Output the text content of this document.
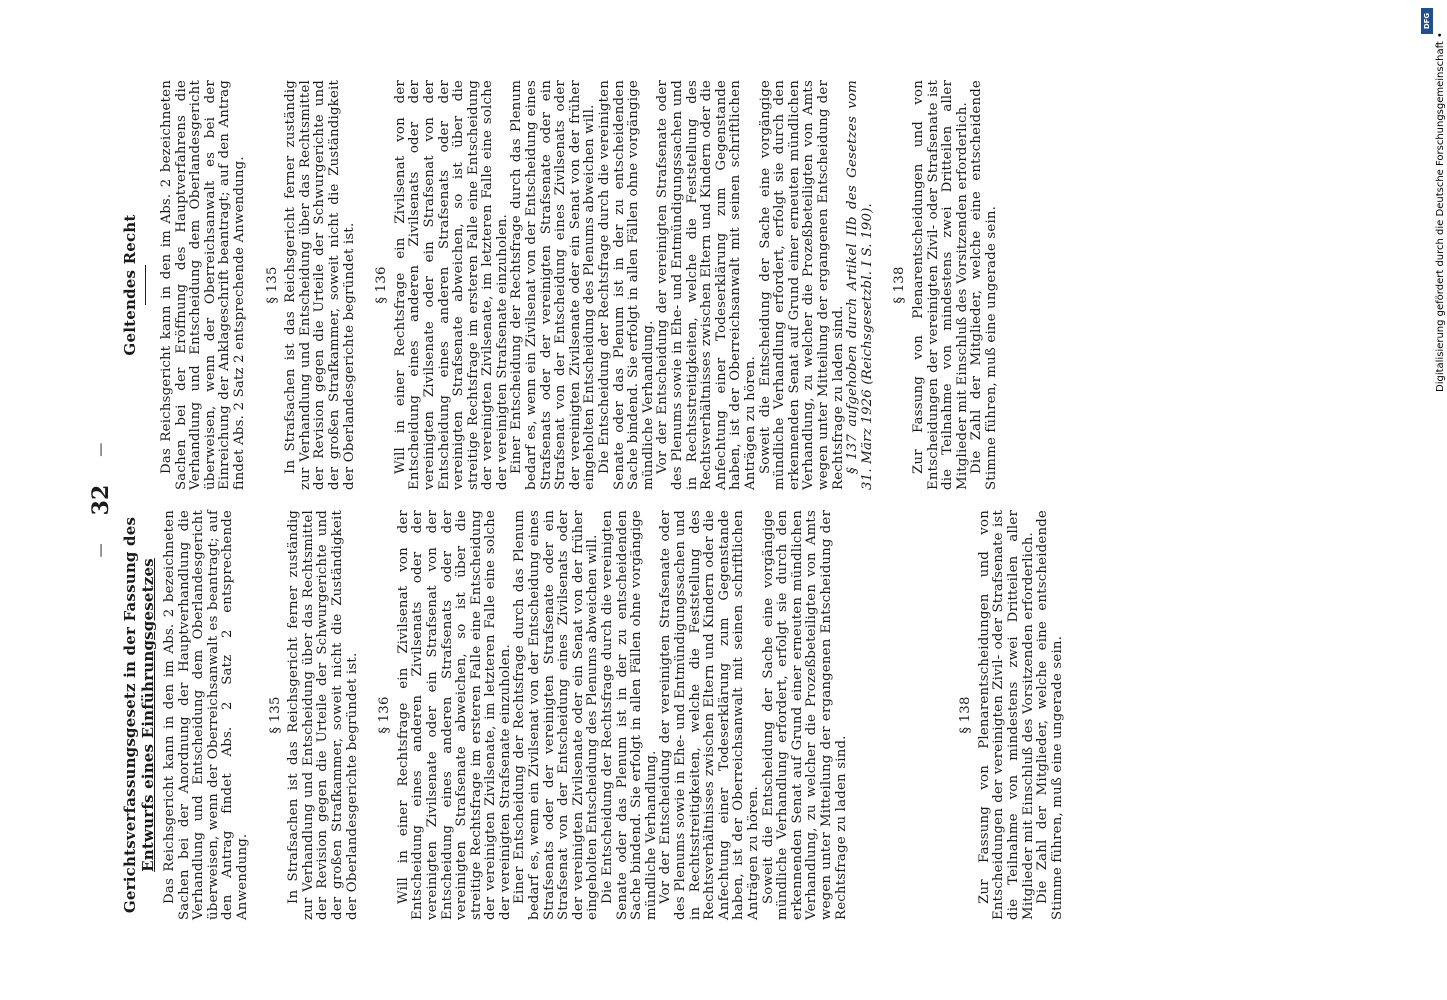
—
32
—
Gerichtsverfassungsgesetz in der Fassung des Entwurfs eines Einführungsgesetzes Das Reichsgericht kann in den im Abs. 2 bezeichneten Sachen bei der Anordnung der Hauptverhandlung die Verhandlung und Entscheidung dem Oberlandesgericht überweisen, wenn der Oberreichsanwalt es beantragt; auf den Antrag findet Abs. 2 Satz 2 entsprechende Anwendung.

§ 135 In Strafsachen ist das Reichsgericht ferner zuständig zur Verhandlung und Entscheidung über das Rechtsmittel der Revision gegen die Urteile der Schwurgerichte und der großen Strafkammer, soweit nicht die Zuständigkeit der Oberlandesgerichte begründet ist. § 136 Will in einer Rechtsfrage ein Zivilsenat von der Entscheidung eines anderen Zivilsenats oder der vereinigten Zivilsenate oder ein Strafsenat von der Entscheidung eines anderen Strafsenats oder der vereinigten Strafsenate abweichen, so ist über die streitige Rechtsfrage im ersteren Falle eine Entscheidung der vereinigten Zivilsenate, im letzteren Falle eine solche der vereinigten Strafsenate einzuholen. Einer Entscheidung der Rechtsfrage durch das Plenum bedarf es, wenn ein Zivilsenat von der Entscheidung eines Strafsenats oder der vereinigten Strafsenate oder ein Strafsenat von der Entscheidung eines Zivilsenats oder der vereinigten Zivilsenate oder ein Senat von der früher eingeholten Entscheidung des Plenums abweichen will. Die Entscheidung der Rechtsfrage durch die vereinigten Senate oder das Plenum ist in der zu entscheidenden Sache bindend. Sie erfolgt in allen Fällen ohne vorgängige mündliche Verhandlung. Vor der Entscheidung der vereinigten Strafsenate oder des Plenums sowie in Ehe- und Entmündigungssachen und in Rechtsstreitigkeiten, welche die Feststellung des Rechtsverhältnisses zwischen Eltern und Kindern oder die Anfechtung einer Todeserklärung zum Gegenstande haben, ist der Oberreichsanwalt mit seinen schriftlichen Anträgen zu hören. Soweit die Entscheidung der Sache eine vorgängige mündliche Verhandlung erfordert, erfolgt sie durch den erkennenden Senat auf Grund einer erneuten mündlichen Verhandlung, zu welcher die Prozeßbeteiligten von Amts wegen unter Mitteilung der ergangenen Entscheidung der Rechtsfrage zu laden sind.

§ 138 Zur Fassung von Plenarentscheidungen und von Entscheidungen der vereinigten Zivil- oder Strafsenate ist die Teilnahme von mindestens zwei Dritteilen aller Mitglieder mit Einschluß des Vorsitzenden erforderlich. Die Zahl der Mitglieder, welche eine entscheidende Stimme führen, muß eine ungerade sein.

Geltendes Recht Das Reichsgericht kann in den im Abs. 2 bezeichneten Sachen bei der Eröffnung des Hauptverfahrens die Verhandlung und Entscheidung dem Oberlandesgericht überweisen, wenn der Oberreichsanwalt es bei der Einreichung der Anklageschrift beantragt; auf den Antrag findet Abs. 2 Satz 2 entsprechende Anwendung. § 135 In Strafsachen ist das Reichsgericht ferner zuständig zur Verhandlung und Entscheidung über das Rechtsmittel der Revision gegen die Urteile der Schwurgerichte und der großen Strafkammer, soweit nicht die Zuständigkeit der Oberlandesgerichte begründet ist. § 136 Will in einer Rechtsfrage ein Zivilsenat von der Entscheidung eines anderen Zivilsenats oder der vereinigten Zivilsenate oder ein Strafsenat von der Entscheidung eines anderen Strafsenats oder der vereinigten Strafsenate abweichen, so ist über die streitige Rechtsfrage im ersteren Falle eine Entscheidung der vereinigten Zivilsenate, im letzteren Falle eine solche der vereinigten Strafsenate einzuholen. Einer Entscheidung der Rechtsfrage durch das Plenum bedarf es, wenn ein Zivilsenat von der Entscheidung eines Strafsenats oder der vereinigten Strafsenate oder ein Strafsenat von der Entscheidung eines Zivilsenats oder der vereinigten Zivilsenate oder ein Senat von der früher eingeholten Entscheidung des Plenums abweichen will. Die Entscheidung der Rechtsfrage durch die vereinigten Senate oder das Plenum ist in der zu entscheidenden Sache bindend. Sie erfolgt in allen Fällen ohne vorgängige mündliche Verhandlung. Vor der Entscheidung der vereinigten Strafsenate oder des Plenums sowie in Ehe- und Entmündigungssachen und in Rechtsstreitigkeiten, welche die Feststellung des Rechtsverhältnisses zwischen Eltern und Kindern oder die Anfechtung einer Todeserklärung zum Gegenstande haben, ist der Oberreichsanwalt mit seinen schriftlichen Anträgen zu hören. Soweit die Entscheidung der Sache eine vorgängige mündliche Verhandlung erfordert, erfolgt sie durch den erkennenden Senat auf Grund einer erneuten mündlichen Verhandlung, zu welcher die Prozeßbeteiligten von Amts wegen unter Mitteilung der ergangenen Entscheidung der Rechtsfrage zu laden sind. § 137 aufgehoben durch Artikel IIb des Gesetzes vom 31. März 1926 (Reichsgesetzbl. I S. 190). § 138 Zur Fassung von Plenarentscheidungen und von Entscheidungen der vereinigten Zivil- oder Strafsenate ist die Teilnahme von mindestens zwei Dritteilen aller Mitglieder mit Einschluß des Vorsitzenden erforderlich. Die Zahl der Mitglieder, welche eine entscheidende Stimme führen, muß eine ungerade sein.

DFG
Digitalisierung gefördert durch die Deutsche Forschungsgemeinschaft •
